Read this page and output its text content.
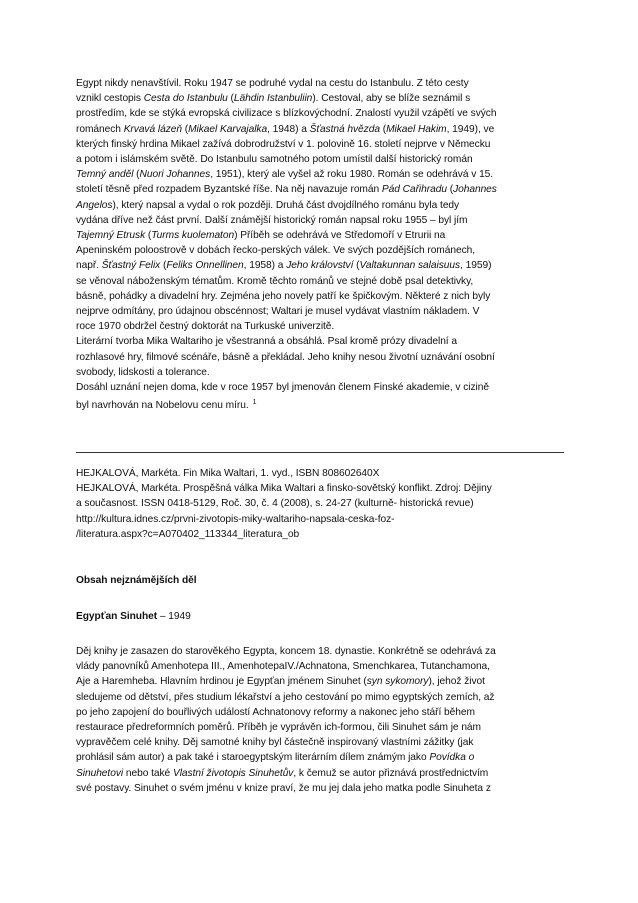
Egypt nikdy nenavštívil. Roku 1947 se podruhé vydal na cestu do Istanbulu. Z této cesty
vznikl cestopis Cesta do Istanbulu (Lähdin Istanbuliin). Cestoval, aby se blíže seznámil s
prostředím, kde se stýká evropská civilizace s blízkovýchodní. Znalostí využil vzápětí ve svých
románech Krvavá lázeň (Mikael Karvajalka, 1948) a Šťastná hvězda (Mikael Hakim, 1949), ve
kterých finský hrdina Mikael zažívá dobrodružství v 1. polovině 16. století nejprve v Německu
a potom i islámském světě. Do Istanbulu samotného potom umístil další historický román
Temný anděl (Nuori Johannes, 1951), který ale vyšel až roku 1980. Román se odehrává v 15.
století těsně před rozpadem Byzantské říše. Na něj navazuje román Pád Cařihradu (Johannes
Angelos), který napsal a vydal o rok později. Druhá část dvojdílného románu byla tedy
vydána dříve než část první. Další známější historický román napsal roku 1955 – byl jím
Tajemný Etrusk (Turms kuolematon) Příběh se odehrává ve Středomoří v Etrurii na
Apeninském poloostrově v dobách řecko-perských válek. Ve svých pozdějších románech,
např. Šťastný Felix (Feliks Onnellinen, 1958) a Jeho království (Valtakunnan salaisuus, 1959)
se věnoval náboženským tématům. Kromě těchto románů ve stejné době psal detektivky,
básně, pohádky a divadelní hry. Zejména jeho novely patří ke špičkovým. Některé z nich byly
nejprve odmítány, pro údajnou obscénnost; Waltari je musel vydávat vlastním nákladem. V
roce 1970 obdržel čestný doktorát na Turkuské univerzitě.
Literární tvorba Mika Waltariho je všestranná a obsáhlá. Psal kromě prózy divadelní a
rozhlasové hry, filmové scénáře, básně a překládal. Jeho knihy nesou životní uznávání osobní
svobody, lidskosti a tolerance.
Dosáhl uznání nejen doma, kde v roce 1957 byl jmenován členem Finské akademie, v cizině
byl navrhován na Nobelovu cenu míru. $^1$
HEJKALOVÁ, Markéta. Fin Mika Waltari, 1. vyd., ISBN 808602640X
HEJKALOVÁ, Markéta. Prospěšná válka Mika Waltari a finsko-sovětský konflikt. Zdroj: Dějiny
a současnost. ISSN 0418-5129, Roč. 30, č. 4 (2008), s. 24-27 (kulturně- historická revue)
http://kultura.idnes.cz/prvni-zivotopis-miky-waltariho-napsala-ceska-foz-
/literatura.aspx?c=A070402_113344_literatura_ob
Obsah nejznámějších děl
Egypťan Sinuhet – 1949
Děj knihy je zasazen do starověkého Egypta, koncem 18. dynastie. Konkrétně se odehrává za
vlády panovníků Amenhotepa III., AmenhotepaIV./Achnatona, Smenchkarea, Tutanchamona,
Aje a Haremheba. Hlavním hrdinou je Egypťan jménem Sinuhet (syn sykomory), jehož život
sledujeme od dětství, přes studium lékařství a jeho cestování po mimo egyptských zemích, až
po jeho zapojení do bouřlivých událostí Achnatonovy reformy a nakonec jeho stáří během
restaurace předreformních poměrů. Příběh je vyprávěn ich-formou, čili Sinuhet sám je nám
vypravěčem celé knihy. Děj samotné knihy byl částečně inspirovaný vlastními zážitky (jak
prohlásil sám autor) a pak také i staroegyptským literárním dílem známým jako Povídka o
Sinuhetovi nebo také Vlastní životopis Sinuhetův, k čemuž se autor přiznává prostřednictvím
své postavy. Sinuhet o svém jménu v knize praví, že mu jej dala jeho matka podle Sinuheta z
